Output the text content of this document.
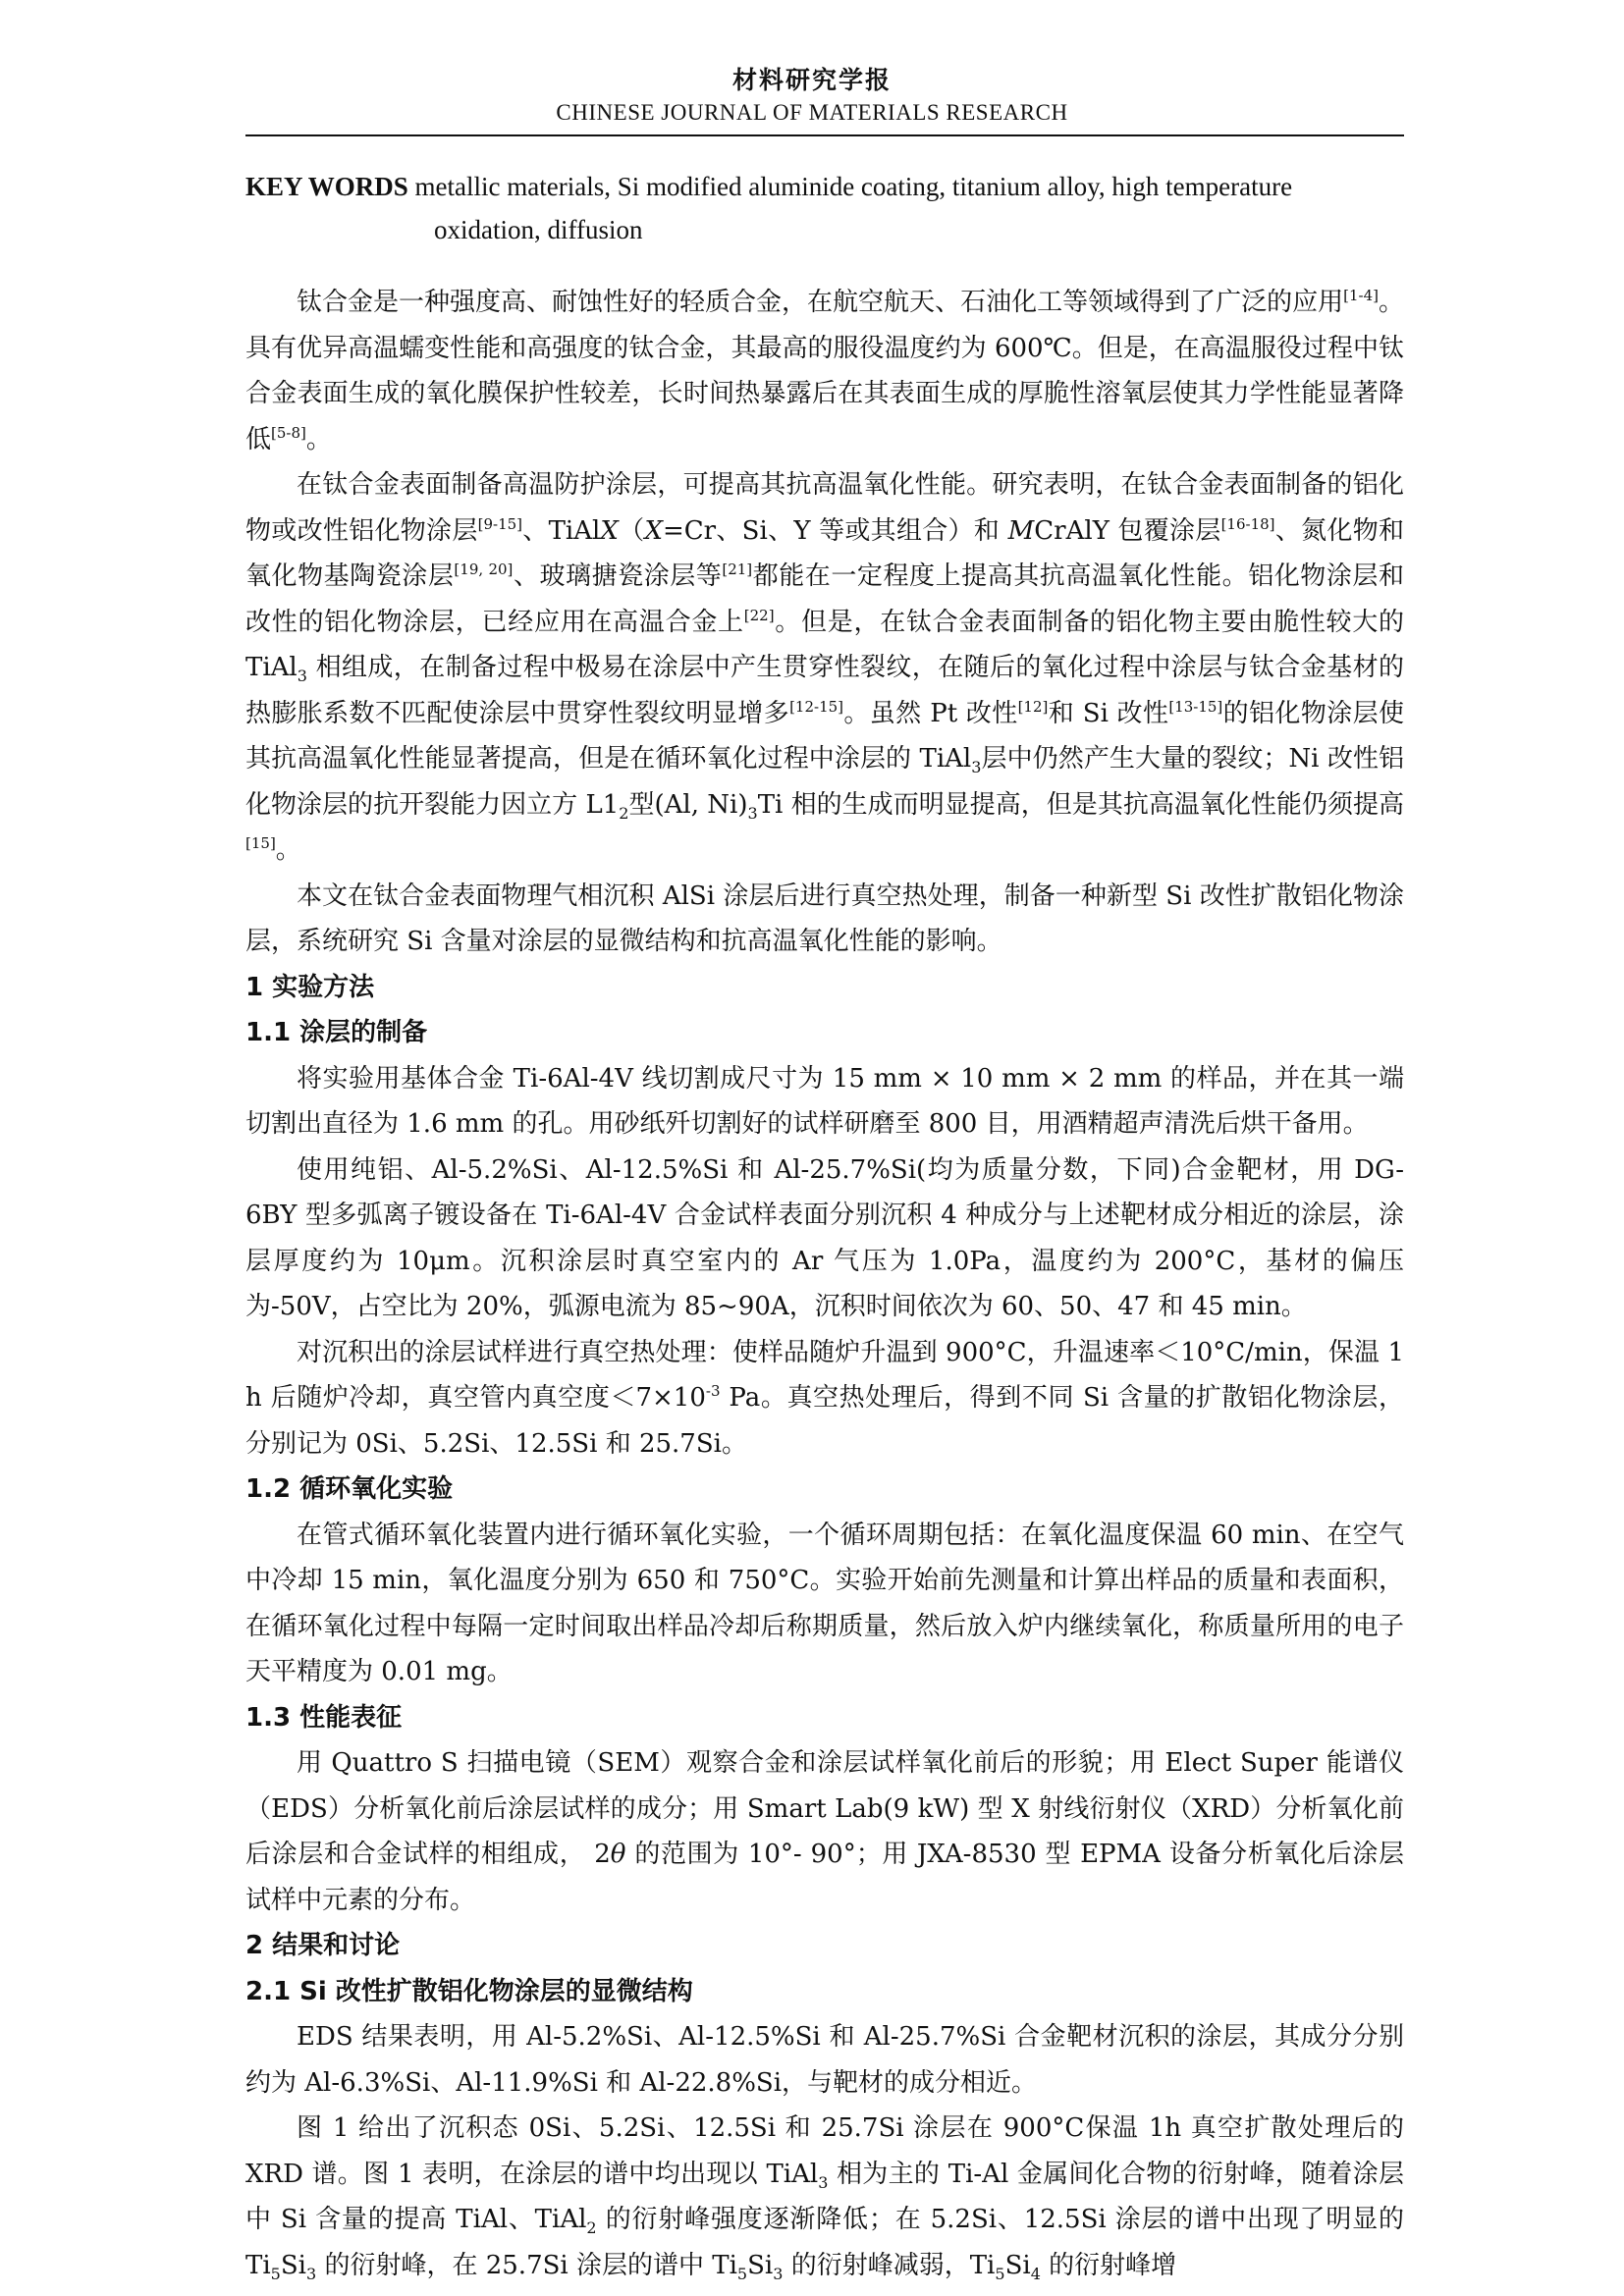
材料研究学报
CHINESE JOURNAL OF MATERIALS RESEARCH
KEY WORDS metallic materials, Si modified aluminide coating, titanium alloy, high temperature
oxidation, diffusion

钛合金是一种强度高、耐蚀性好的轻质合金，在航空航天、石油化工等领域得到了广泛的应用[1-4]。具有优异高温蠕变性能和高强度的钛合金，其最高的服役温度约为 600℃。但是，在高温服役过程中钛合金表面生成的氧化膜保护性较差，长时间热暴露后在其表面生成的厚脆性溶氧层使其力学性能显著降低[5-8]。

在钛合金表面制备高温防护涂层，可提高其抗高温氧化性能。研究表明，在钛合金表面制备的铝化物或改性铝化物涂层[9-15]、TiAlX（X=Cr、Si、Y 等或其组合）和 MCrAlY 包覆涂层[16-18]、氮化物和氧化物基陶瓷涂层[19, 20]、玻璃搪瓷涂层等[21]都能在一定程度上提高其抗高温氧化性能。铝化物涂层和改性的铝化物涂层，已经应用在高温合金上[22]。但是，在钛合金表面制备的铝化物主要由脆性较大的 TiAl$_3$ 相组成，在制备过程中极易在涂层中产生贯穿性裂纹，在随后的氧化过程中涂层与钛合金基材的热膨胀系数不匹配使涂层中贯穿性裂纹明显增多[12-15]。虽然 Pt 改性[12]和 Si 改性[13-15]的铝化物涂层使其抗高温氧化性能显著提高，但是在循环氧化过程中涂层的 TiAl$_3$层中仍然产生大量的裂纹；Ni 改性铝化物涂层的抗开裂能力因立方 $L1_2$型(Al, $Ni)_3Ti$ 相的生成而明显提高，但是其抗高温氧化性能仍须提高[15]。

本文在钛合金表面物理气相沉积 AlSi 涂层后进行真空热处理，制备一种新型 Si 改性扩散铝化物涂层，系统研究 Si 含量对涂层的显微结构和抗高温氧化性能的影响。

1 实验方法
1.1 涂层的制备

将实验用基体合金 Ti-6Al-4V 线切割成尺寸为 15 mm × 10 mm × 2 mm 的样品，并在其一端切割出直径为 1.6 mm 的孔。用砂纸歼切割好的试样研磨至 800 目，用酒精超声清洗后烘干备用。

使用纯铝、Al-5.2%Si、Al-12.5%Si 和 Al-25.7%Si(均为质量分数，下同)合金靶材，用 DG-6BY 型多弧离子镀设备在 Ti-6Al-4V 合金试样表面分别沉积 4 种成分与上述靶材成分相近的涂层，涂层厚度约为 10μm。沉积涂层时真空室内的 Ar 气压为 1.0Pa，温度约为 200°C，基材的偏压为-50V，占空比为 20%，弧源电流为 85~90A，沉积时间依次为 60、50、47 和 45 min。

对沉积出的涂层试样进行真空热处理：使样品随炉升温到 900°C，升温速率＜10°C/min，保温 1 h 后随炉冷却，真空管内真空度$<7\times 10^{-3}$ Pa。真空热处理后，得到不同 Si 含量的扩散铝化物涂层，分别记为 0Si、5.2Si、12.5Si 和 25.7Si。

1.2 循环氧化实验

在管式循环氧化装置内进行循环氧化实验，一个循环周期包括：在氧化温度保温 60 min、在空气中冷却 15 min，氧化温度分别为 650 和 750°C。实验开始前先测量和计算出样品的质量和表面积，在循环氧化过程中每隔一定时间取出样品冷却后称期质量，然后放入炉内继续氧化，称质量所用的电子天平精度为 0.01 mg。

1.3 性能表征

用 Quattro S 扫描电镜（SEM）观察合金和涂层试样氧化前后的形貌；用 Elect Super 能谱仪（EDS）分析氧化前后涂层试样的成分；用 Smart Lab(9 kW) 型 X 射线衍射仪（XRD）分析氧化前后涂层和合金试样的相组成， 2θ 的范围为 10°- 90°；用 JXA-8530 型 EPMA 设备分析氧化后涂层试样中元素的分布。

2 结果和讨论
2.1 Si 改性扩散铝化物涂层的显微结构

EDS 结果表明，用 Al-5.2%Si、Al-12.5%Si 和 Al-25.7%Si 合金靶材沉积的涂层，其成分分别约为 Al-6.3%Si、Al-11.9%Si 和 Al-22.8%Si，与靶材的成分相近。

图 1 给出了沉积态 0Si、5.2Si、12.5Si 和 25.7Si 涂层在 900°C保温 1h 真空扩散处理后的 XRD 谱。图 1 表明，在涂层的谱中均出现以 TiAl$_3$ 相为主的 Ti-Al 金属间化合物的衍射峰，随着涂层中 Si 含量的提高 TiAl、TiAl$_2$ 的衍射峰强度逐渐降低；在 5.2Si、12.5Si 涂层的谱中出现了明显的 $Ti_5Si_3$ 的衍射峰，在 25.7Si 涂层的谱中 $Ti_5Si_3$ 的衍射峰减弱，$Ti_5Si_4$ 的衍射峰增
